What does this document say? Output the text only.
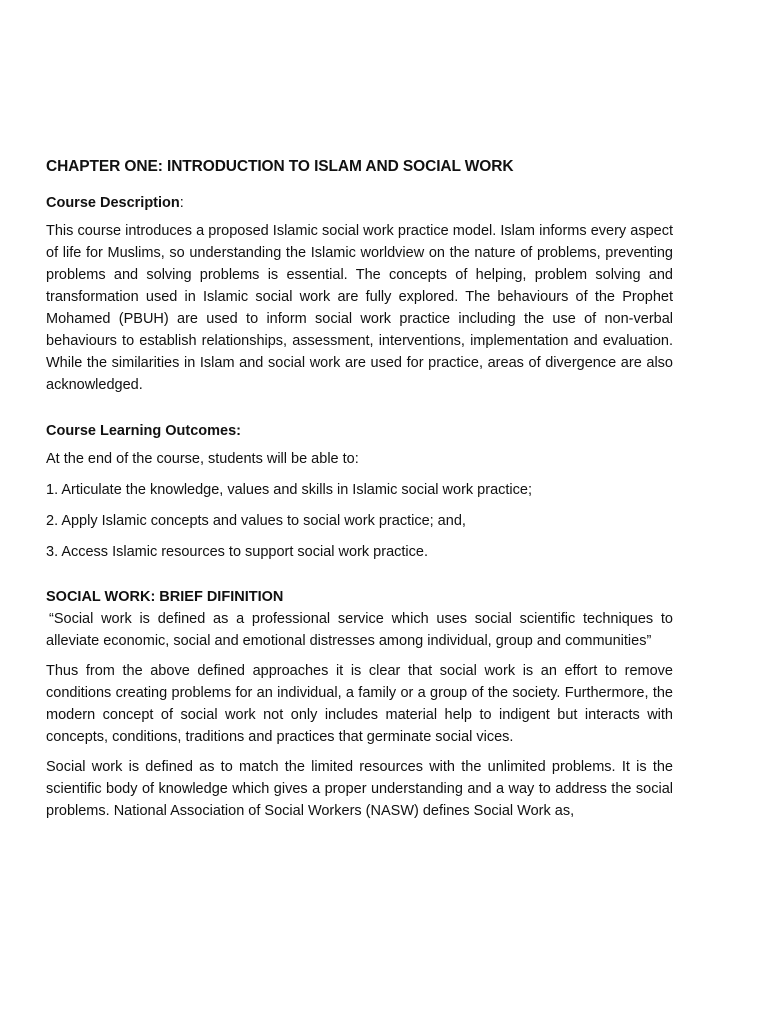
CHAPTER ONE: INTRODUCTION TO ISLAM AND SOCIAL WORK
Course Description:

This course introduces a proposed Islamic social work practice model. Islam informs every aspect of life for Muslims, so understanding the Islamic worldview on the nature of problems, preventing problems and solving problems is essential. The concepts of helping, problem solving and transformation used in Islamic social work are fully explored. The behaviours of the Prophet Mohamed (PBUH) are used to inform social work practice including the use of non-verbal behaviours to establish relationships, assessment, interventions, implementation and evaluation. While the similarities in Islam and social work are used for practice, areas of divergence are also acknowledged.

Course Learning Outcomes:
At the end of the course, students will be able to:
1. Articulate the knowledge, values and skills in Islamic social work practice;
2. Apply Islamic concepts and values to social work practice; and,
3. Access Islamic resources to support social work practice.
SOCIAL WORK: BRIEF DIFINITION

“Social work is defined as a professional service which uses social scientific techniques to alleviate economic, social and emotional distresses among individual, group and communities”

Thus from the above defined approaches it is clear that social work is an effort to remove conditions creating problems for an individual, a family or a group of the society. Furthermore, the modern concept of social work not only includes material help to indigent but interacts with concepts, conditions, traditions and practices that germinate social vices.

Social work is defined as to match the limited resources with the unlimited problems. It is the scientific body of knowledge which gives a proper understanding and a way to address the social problems. National Association of Social Workers (NASW) defines Social Work as,
